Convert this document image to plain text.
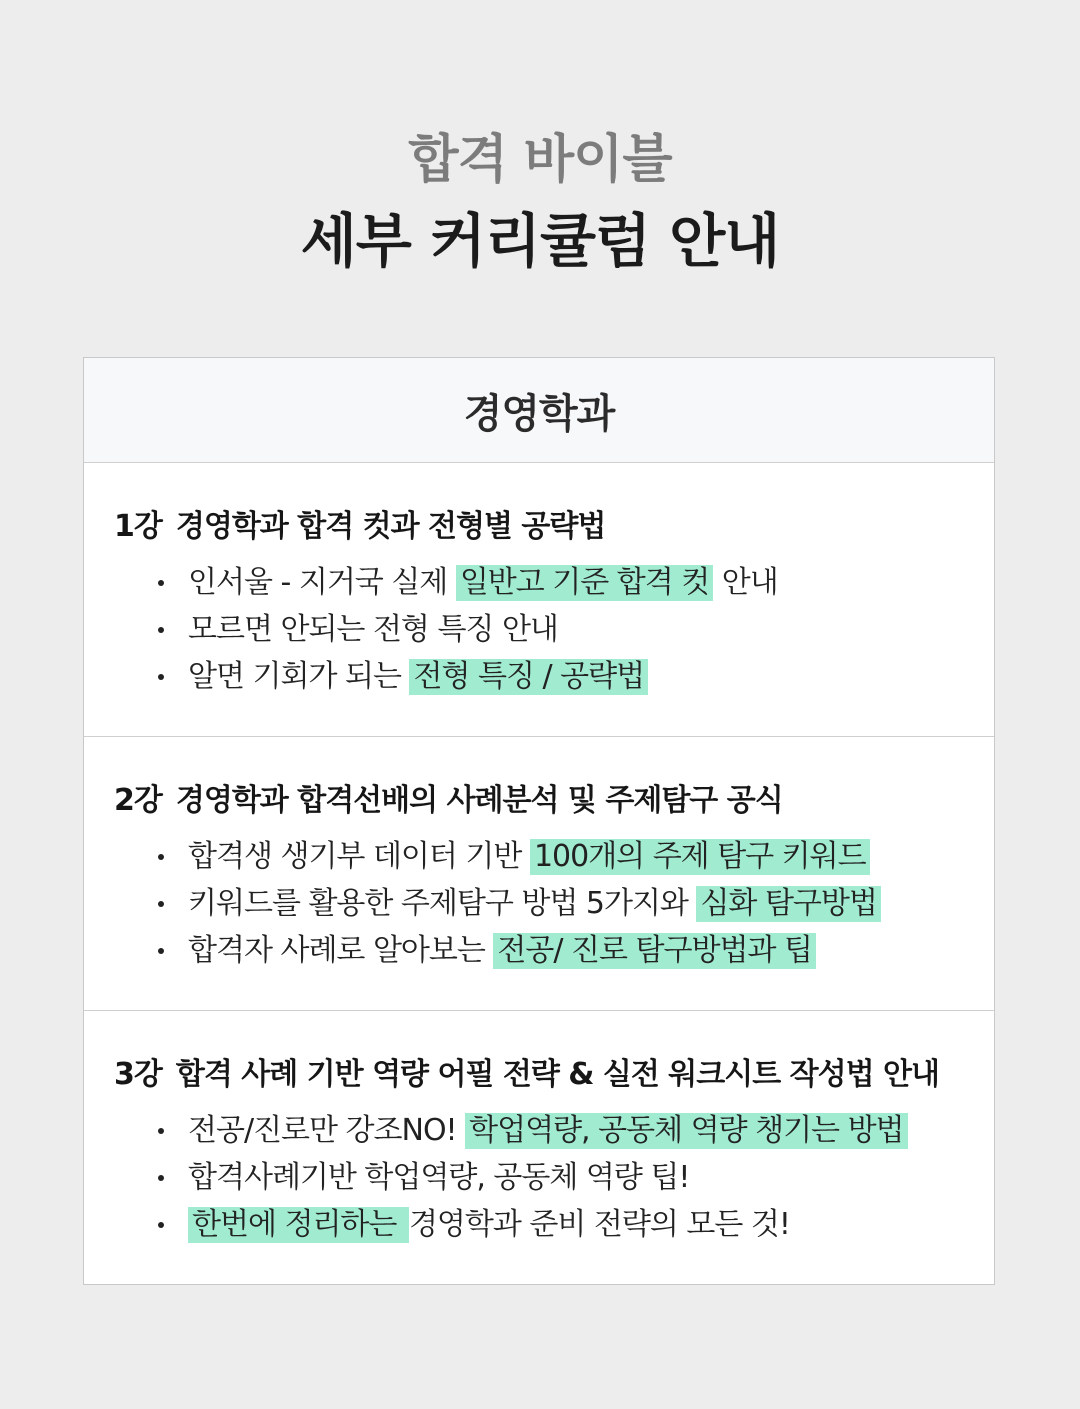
합격 바이블
세부 커리큘럼 안내
경영학과
1강 경영학과 합격 컷과 전형별 공략법
인서울 - 지거국 실제 일반고 기준 합격 컷 안내
모르면 안되는 전형 특징 안내
알면 기회가 되는 전형 특징 / 공략법
2강 경영학과 합격선배의 사례분석 및 주제탐구 공식
합격생 생기부 데이터 기반 100개의 주제 탐구 키워드
키워드를 활용한 주제탐구 방법 5가지와 심화 탐구방법
합격자 사례로 알아보는 전공/ 진로 탐구방법과 팁
3강 합격 사례 기반 역량 어필 전략 & 실전 워크시트 작성법 안내
전공/진로만 강조NO! 학업역량, 공동체 역량 챙기는 방법
합격사례기반 학업역량, 공동체 역량 팁!
한번에 정리하는 경영학과 준비 전략의 모든 것!
